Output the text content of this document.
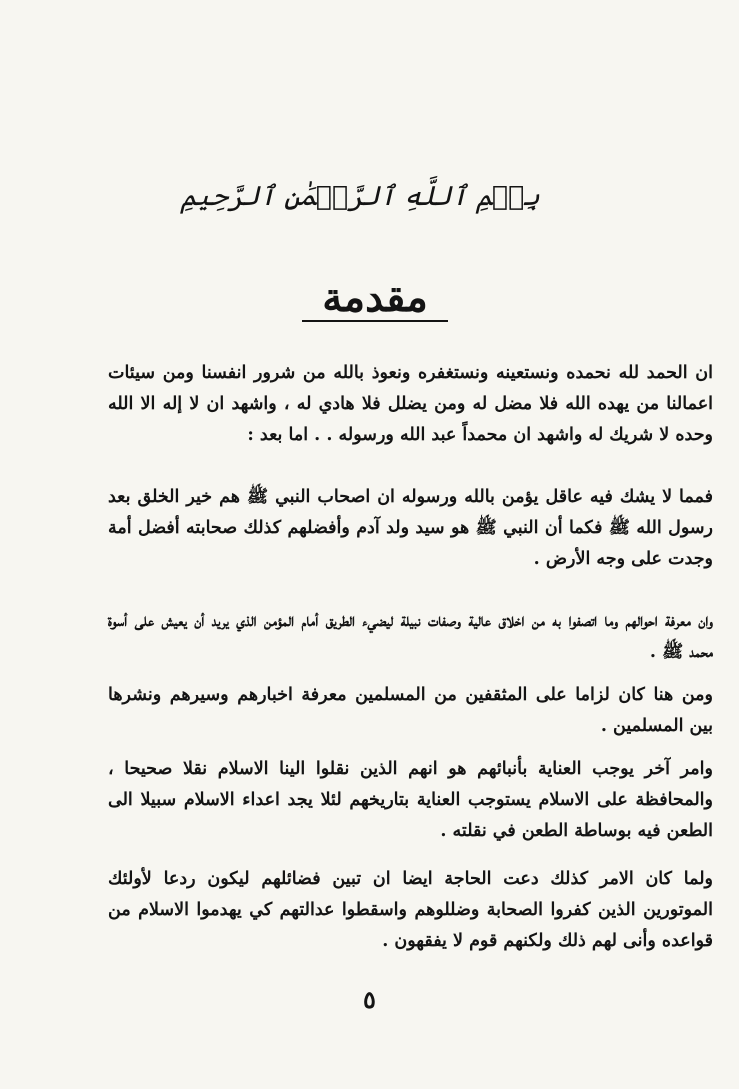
بِسۡمِ ٱللَّهِ ٱلرَّحۡمَٰنِ ٱلرَّحِيمِ
مقدمة

ان الحمد لله نحمده ونستعينه ونستغفره ونعوذ بالله من شرور انفسنا ومن سيئات اعمالنا من يهده الله فلا مضل له ومن يضلل فلا هادي له ، واشهد ان لا إله الا الله وحده لا شريك له واشهد ان محمداً عبد الله ورسوله . . اما بعد :

فمما لا يشك فيه عاقل يؤمن بالله ورسوله ان اصحاب النبي ﷺ هم خير الخلق بعد رسول الله ﷺ فكما أن النبي ﷺ هو سيد ولد آدم وأفضلهم كذلك صحابته أفضل أمة وجدت على وجه الأرض .

وان معرفة احوالهم وما اتصفوا به من اخلاق عالية وصفات نبيلة ليضيء الطريق أمام المؤمن الذي يريد أن يعيش على أسوة محمد ﷺ .

ومن هنا كان لزاما على المثقفين من المسلمين معرفة اخبارهم وسيرهم ونشرها بين المسلمين .

وامر آخر يوجب العناية بأنبائهم هو انهم الذين نقلوا الينا الاسلام نقلا صحيحا ، والمحافظة على الاسلام يستوجب العناية بتاريخهم لئلا يجد اعداء الاسلام سبيلا الى الطعن فيه بوساطة الطعن في نقلته .

ولما كان الامر كذلك دعت الحاجة ايضا ان تبين فضائلهم ليكون ردعا لأولئك الموتورين الذين كفروا الصحابة وضللوهم واسقطوا عدالتهم كي يهدموا الاسلام من قواعده وأنى لهم ذلك ولكنهم قوم لا يفقهون .

٥
